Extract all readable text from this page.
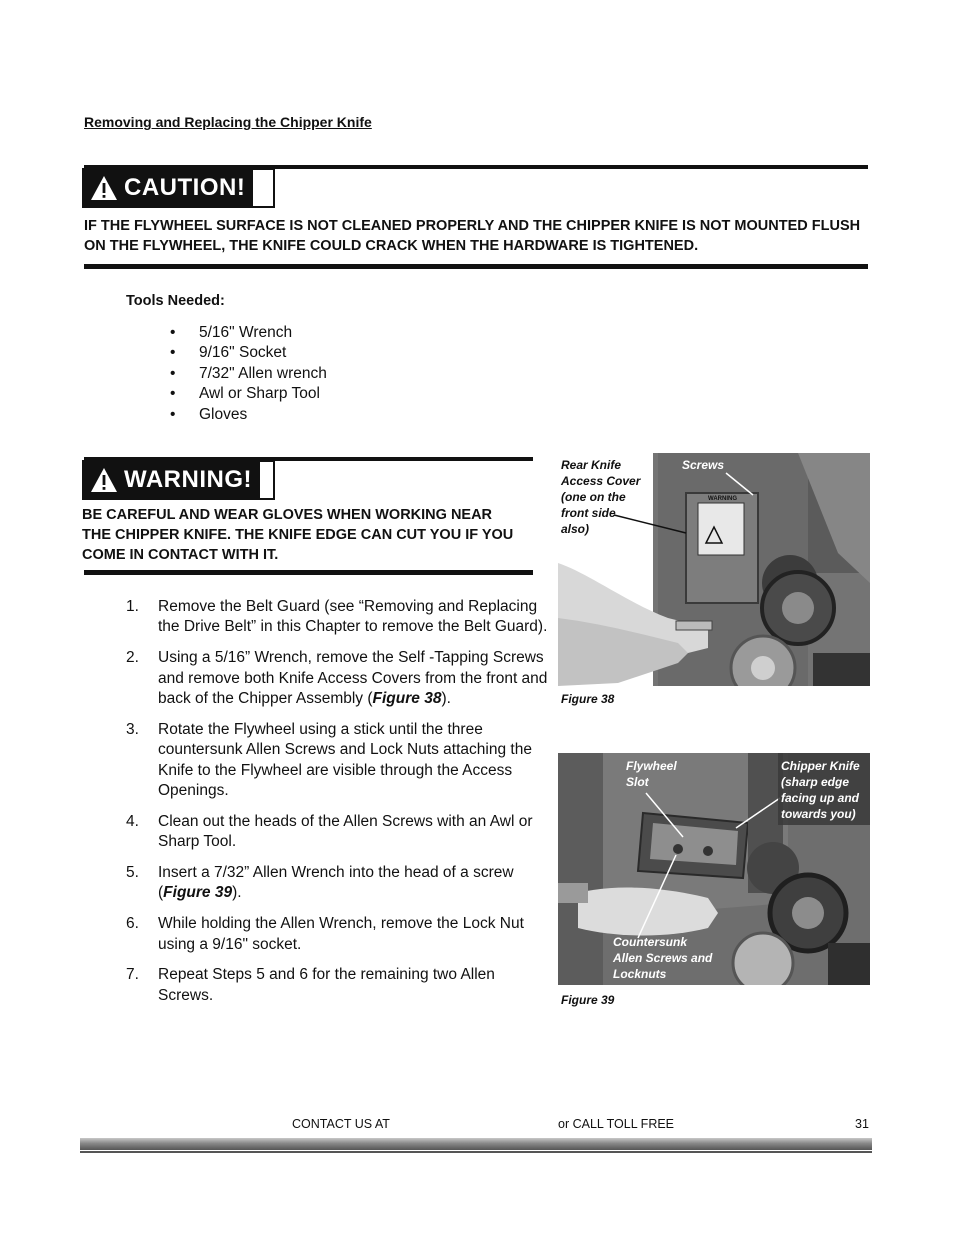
Removing and Replacing the Chipper Knife
CAUTION!
IF THE FLYWHEEL SURFACE IS NOT CLEANED PROPERLY AND THE CHIPPER KNIFE IS NOT MOUNTED FLUSH ON THE FLYWHEEL, THE KNIFE COULD CRACK WHEN THE HARDWARE IS TIGHTENED.
Tools Needed:
• 5/16" Wrench
• 9/16" Socket
• 7/32" Allen wrench
• Awl or Sharp Tool
• Gloves
WARNING!
BE CAREFUL AND WEAR GLOVES WHEN WORKING NEAR THE CHIPPER KNIFE. THE KNIFE EDGE CAN CUT YOU IF YOU COME IN CONTACT WITH IT.
1. Remove the Belt Guard (see “Removing and Replacing the Drive Belt” in this Chapter to remove the Belt Guard).
2. Using a 5/16” Wrench, remove the Self -Tapping Screws and remove both Knife Access Covers from the front and back of the Chipper Assembly (Figure 38).
3. Rotate the Flywheel using a stick until the three countersunk Allen Screws and Lock Nuts attaching the Knife to the Flywheel are visible through the Access Openings.
4. Clean out the heads of the Allen Screws with an Awl or Sharp Tool.
5. Insert a 7/32” Allen Wrench into the head of a screw (Figure 39).
6. While holding the Allen Wrench, remove the Lock Nut using a 9/16" socket.
7. Repeat Steps 5 and 6 for the remaining two Allen Screws.
WARNING
Rear Knife
Access Cover
(one on the
front side
also)
Screws
Figure 38
Flywheel
Slot
Chipper Knife
(sharp edge
facing up and
towards you)
Countersunk
Allen Screws and
Locknuts
Figure 39
CONTACT US AT	or CALL TOLL FREE	31
